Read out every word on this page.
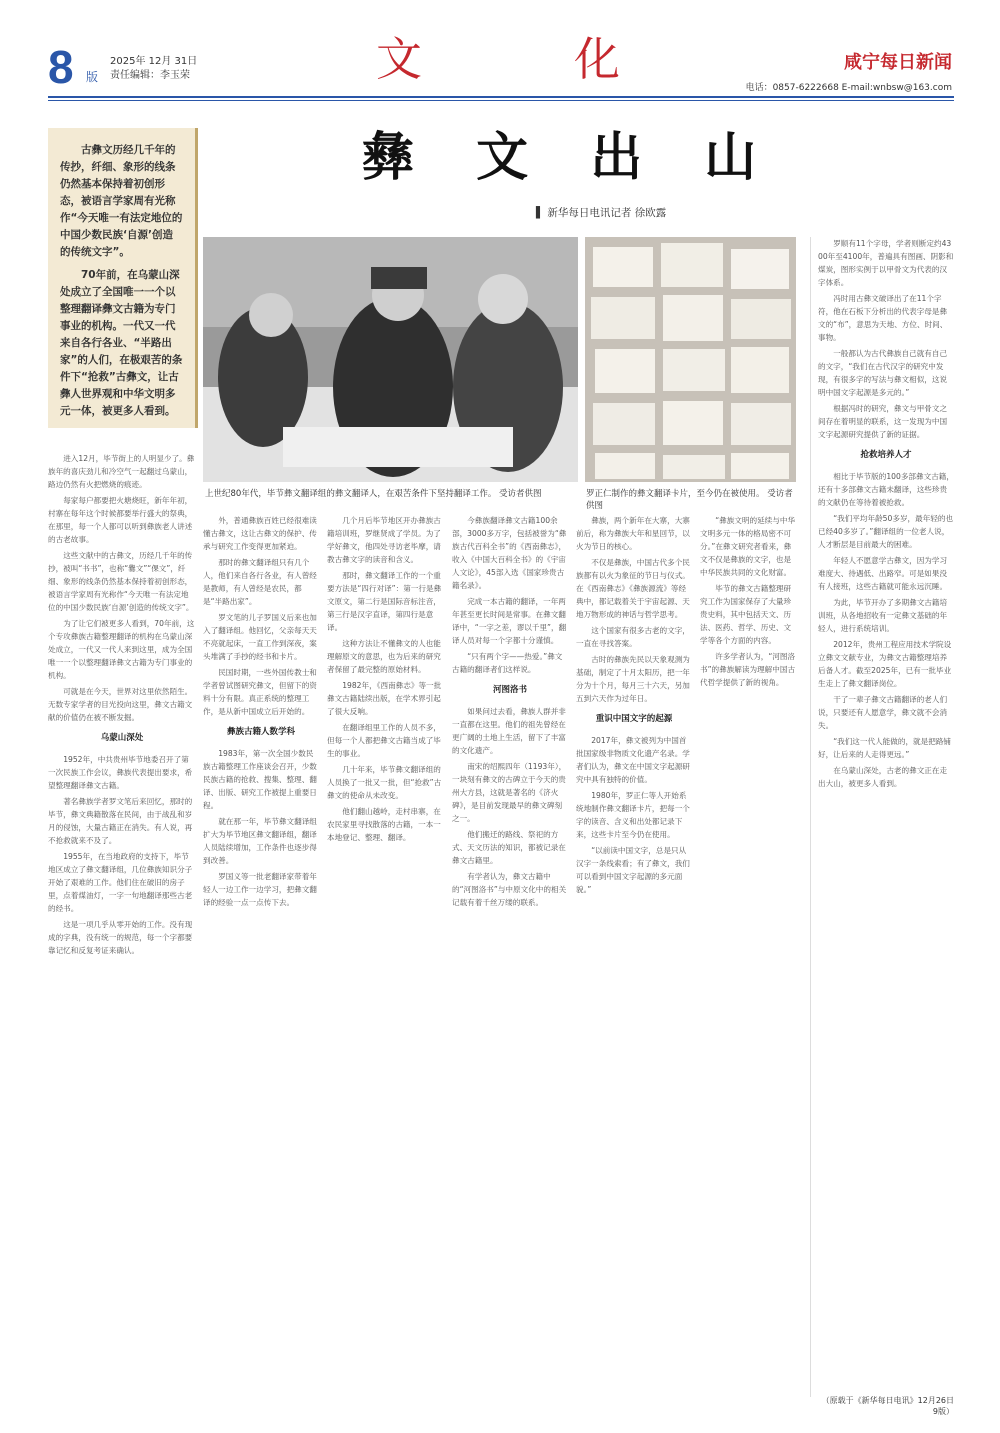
8 版
2025年 12月 31日
责任编辑：李玉荣	文	化	咸宁每日新闻
电话：0857-6222668 E-mail:wnbsw@163.com

古彝文历经几千年的传抄，纤细、象形的线条仍然基本保持着初创形态，被语言学家周有光称作“今天唯一有法定地位的中国少数民族‘自源’创造的传统文字”。

70年前，在乌蒙山深处成立了全国唯一一个以整理翻译彝文古籍为专门事业的机构。一代又一代来自各行各业、“半路出家”的人们，在极艰苦的条件下“抢救”古彝文，让古彝人世界观和中华文明多元一体，被更多人看到。

彝 文 出 山
▌ 新华每日电讯记者 徐欧露
上世纪80年代，毕节彝文翻译组的彝文翻译人，在艰苦条件下坚持翻译工作。 受访者供图	罗正仁制作的彝文翻译卡片，至今仍在被使用。 受访者供图

进入12月，毕节街上的人明显少了。彝族年的喜庆劲儿和冷空气一起翻过乌蒙山，路边仍然有火把燃烧的痕迹。

每家每户都要把火塘烧旺，新年年初，村寨在每年这个时候都要举行盛大的祭典，在那里，每一个人都可以听到彝族老人讲述的古老故事。

这些文献中的古彝文，历经几千年的传抄，被叫“书书”，也称“爨文”“倮文”，纤细、象形的线条仍然基本保持着初创形态，被语言学家周有光称作“今天唯一有法定地位的中国少数民族‘自源’创造的传统文字”。

为了让它们被更多人看到，70年前，这个专攻彝族古籍整理翻译的机构在乌蒙山深处成立，一代又一代人来到这里，成为全国唯一一个以整理翻译彝文古籍为专门事业的机构。

可就是在今天，世界对这里依然陌生。无数专家学者的目光投向这里，彝文古籍文献的价值仍在被不断发掘。

乌蒙山深处

1952年，中共贵州毕节地委召开了第一次民族工作会议，彝族代表提出要求，希望整理翻译彝文古籍。

著名彝族学者罗文笔后来回忆，那时的毕节，彝文典籍散落在民间，由于战乱和岁月的侵蚀，大量古籍正在消失。有人说，再不抢救就来不及了。

1955年，在当地政府的支持下，毕节地区成立了彝文翻译组，几位彝族知识分子开始了艰难的工作。他们住在破旧的房子里，点着煤油灯，一字一句地翻译那些古老的经书。

这是一项几乎从零开始的工作。没有现成的字典，没有统一的规范，每一个字都要靠记忆和反复考证来确认。

外，普通彝族百姓已经很难读懂古彝文，这让古彝文的保护、传承与研究工作变得更加紧迫。

那时的彝文翻译组只有几个人，他们来自各行各业，有人曾经是教师，有人曾经是农民，都是“半路出家”。

罗文笔的儿子罗国义后来也加入了翻译组。他回忆，父亲每天天不亮就起床，一直工作到深夜，案头堆满了手抄的经书和卡片。

民国时期，一些外国传教士和学者曾试图研究彝文，但留下的资料十分有限。真正系统的整理工作，是从新中国成立后开始的。

彝族古籍人数学科

1983年，第一次全国少数民族古籍整理工作座谈会召开，少数民族古籍的抢救、搜集、整理、翻译、出版、研究工作被提上重要日程。

就在那一年，毕节彝文翻译组扩大为毕节地区彝文翻译组，翻译人员陆续增加，工作条件也逐步得到改善。

罗国义等一批老翻译家带着年轻人一边工作一边学习，把彝文翻译的经验一点一点传下去。

几个月后毕节地区开办彝族古籍培训班，罗继贤成了学员。为了学好彝文，他四处寻访老毕摩，请教古彝文字的读音和含义。

那时，彝文翻译工作的一个重要方法是“四行对译”：第一行是彝文原文，第二行是国际音标注音，第三行是汉字直译，第四行是意译。

这种方法让不懂彝文的人也能理解原文的意思，也为后来的研究者保留了最完整的原始材料。

1982年，《西南彝志》等一批彝文古籍陆续出版，在学术界引起了很大反响。

在翻译组里工作的人员不多，但每一个人都把彝文古籍当成了毕生的事业。

几十年来，毕节彝文翻译组的人员换了一批又一批，但“抢救”古彝文的使命从未改变。

他们翻山越岭，走村串寨，在农民家里寻找散落的古籍，一本一本地登记、整理、翻译。

今彝族翻译彝文古籍100余部，3000多万字，包括被誉为“彝族古代百科全书”的《西南彝志》，收入《中国大百科全书》的《宇宙人文论》，45部入选《国家珍贵古籍名录》。

完成一本古籍的翻译，一年两年甚至更长时间是常事。在彝文翻译中，“一字之差，谬以千里”，翻译人员对每一个字都十分谨慎。

“只有两个字——热爱。”彝文古籍的翻译者们这样说。

河图洛书

如果问过去看，彝族人群并非一直都在这里。他们的祖先曾经在更广阔的土地上生活，留下了丰富的文化遗产。

南宋的绍熙四年（1193年），一块刻有彝文的古碑立于今天的贵州大方县，这就是著名的《济火碑》，是目前发现最早的彝文碑刻之一。

他们搬迁的路线、祭祀的方式、天文历法的知识，都被记录在彝文古籍里。

有学者认为，彝文古籍中的“河图洛书”与中原文化中的相关记载有着千丝万缕的联系。

彝族，两个新年在大寨，大寨前后，称为彝族大年和星回节，以火为节日的核心。

不仅是彝族，中国古代多个民族都有以火为象征的节日与仪式。在《西南彝志》《彝族源流》等经典中，都记载着关于宇宙起源、天地万物形成的神话与哲学思考。

这个国家有很多古老的文字，一直在寻找答案。

古时的彝族先民以天象观测为基础，制定了十月太阳历，把一年分为十个月，每月三十六天，另加五到六天作为过年日。

重识中国文字的起源

2017年，彝文被列为中国首批国家级非物质文化遗产名录。学者们认为，彝文在中国文字起源研究中具有独特的价值。

1980年，罗正仁等人开始系统地制作彝文翻译卡片，把每一个字的读音、含义和出处都记录下来，这些卡片至今仍在使用。

“以前读中国文字，总是只从汉字一条线索看；有了彝文，我们可以看到中国文字起源的多元面貌。”

“彝族文明的延续与中华文明多元一体的格局密不可分。”在彝文研究者看来，彝文不仅是彝族的文字，也是中华民族共同的文化财富。

毕节的彝文古籍整理研究工作为国家保存了大量珍贵史料，其中包括天文、历法、医药、哲学、历史、文学等各个方面的内容。

许多学者认为，“河图洛书”的彝族解读为理解中国古代哲学提供了新的视角。

罗顺有11个字母，学者则断定约4300年至4100年，普遍具有图画、阴影和煤炭，图形实例于以甲骨文为代表的汉字体系。

冯时用古彝文破译出了在11个字符，他在石板下分析出的代表字母是彝文的“布”，意思为天地、方位、时间、事物。

一般都认为古代彝族自己就有自己的文字，“我们在古代汉字的研究中发现，有很多字的写法与彝文相似，这说明中国文字起源是多元的。”

根据冯时的研究，彝文与甲骨文之间存在着明显的联系，这一发现为中国文字起源研究提供了新的证据。

抢救培养人才

相比于毕节版的100多部彝文古籍，还有十多部彝文古籍未翻译，这些珍贵的文献仍在等待着被抢救。

“我们平均年龄50多岁，最年轻的也已经40多岁了。”翻译组的一位老人说，人才断层是目前最大的困难。

年轻人不愿意学古彝文，因为学习难度大、待遇低、出路窄。可是如果没有人接班，这些古籍就可能永远沉睡。

为此，毕节开办了多期彝文古籍培训班，从各地招收有一定彝文基础的年轻人，进行系统培训。

2012年，贵州工程应用技术学院设立彝文文献专业，为彝文古籍整理培养后备人才。截至2025年，已有一批毕业生走上了彝文翻译岗位。

干了一辈子彝文古籍翻译的老人们说，只要还有人愿意学，彝文就不会消失。

“我们这一代人能做的，就是把路铺好，让后来的人走得更远。”

在乌蒙山深处，古老的彝文正在走出大山，被更多人看到。

（原载于《新华每日电讯》12月26日9版）
